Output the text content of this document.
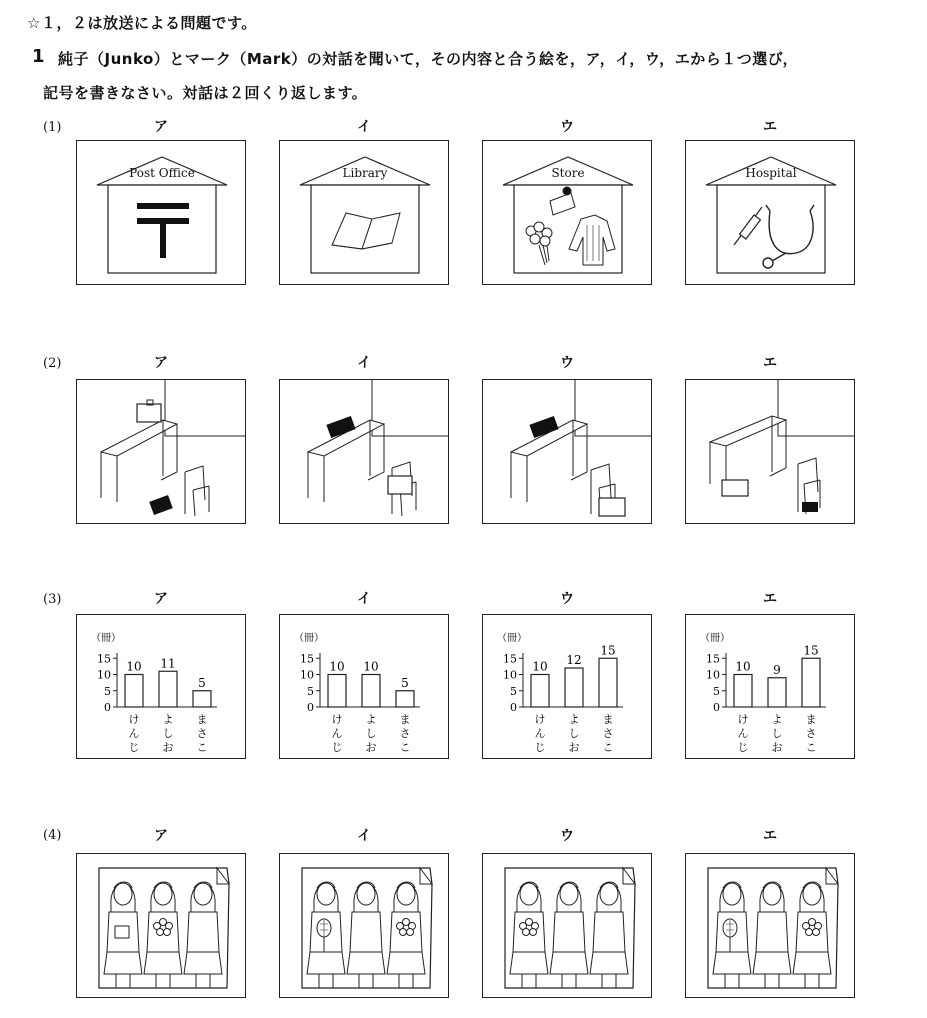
☆１，２は放送による問題です。
1 純子（Junko）とマーク（Mark）の対話を聞いて，その内容と合う絵を，ア，イ，ウ，エから１つ選び，
記号を書きなさい。対話は２回くり返します。
(1)
(2)
(3)
(4)
ア	イ	ウ	エ
ア	イ	ウ	エ
ア	イ	ウ	エ
ア	イ	ウ	エ
Post Office	Library	Store	Hospital
（冊）
0
5
10
15
10
け
ん
じ
11
よ
し
お
5
ま
さ
こ
（冊）
0
5
10
15
10
け
ん
じ
10
よ
し
お
5
ま
さ
こ
（冊）
0
5
10
15
10
け
ん
じ
12
よ
し
お
15
ま
さ
こ
（冊）
0
5
10
15
10
け
ん
じ
9
よ
し
お
15
ま
さ
こ
